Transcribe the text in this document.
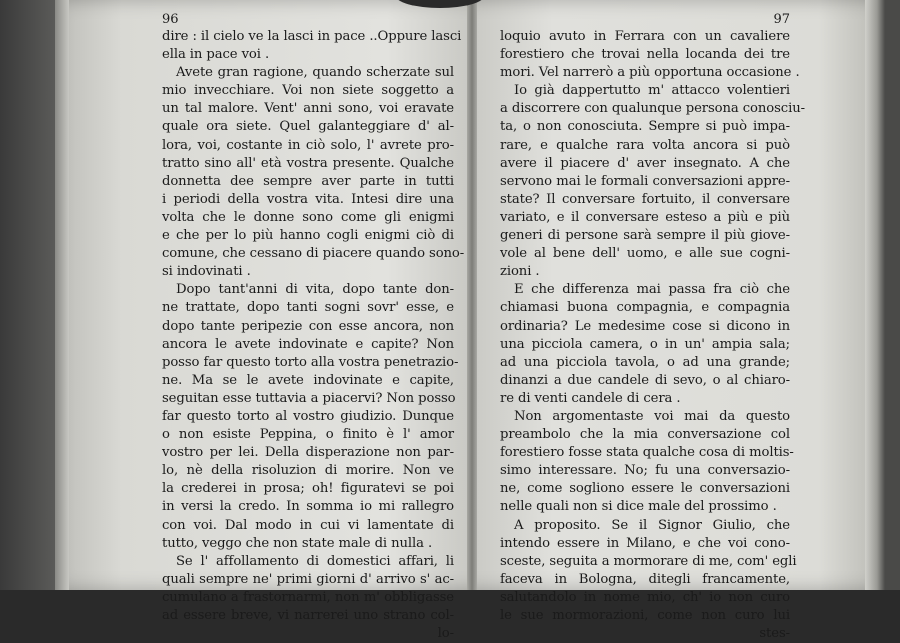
96
dire : il cielo ve la lasci in pace ..Oppure lasci
ella in pace voi .
Avete gran ragione, quando scherzate sul
mio invecchiare. Voi non siete soggetto a
un tal malore. Vent' anni sono, voi eravate
quale ora siete. Quel galanteggiare d' al-
lora, voi, costante in ciò solo, l' avrete pro-
tratto sino all' età vostra presente. Qualche
donnetta dee sempre aver parte in tutti
i periodi della vostra vita. Intesi dire una
volta che le donne sono come gli enigmi
e che per lo più hanno cogli enigmi ciò di
comune, che cessano di piacere quando sono-
si indovinati .
Dopo tant'anni di vita, dopo tante don-
ne trattate, dopo tanti sogni sovr' esse, e
dopo tante peripezie con esse ancora, non
ancora le avete indovinate e capite? Non
posso far questo torto alla vostra penetrazio-
ne. Ma se le avete indovinate e capite,
seguitan esse tuttavia a piacervi? Non posso
far questo torto al vostro giudizio. Dunque
o non esiste Peppina, o finito è l' amor
vostro per lei. Della disperazione non par-
lo, nè della risoluzion di morire. Non ve
la crederei in prosa; oh! figuratevi se poi
in versi la credo. In somma io mi rallegro
con voi. Dal modo in cui vi lamentate di
tutto, veggo che non state male di nulla .
Se l' affollamento di domestici affari, li
quali sempre ne' primi giorni d' arrivo s' ac-
cumulano a frastornarmi, non m' obbligasse
ad essere breve, vi narrerei uno strano col-
lo-
97
loquio avuto in Ferrara con un cavaliere
forestiero che trovai nella locanda dei tre
mori. Vel narrerò a più opportuna occasione .
Io già dappertutto m' attacco volentieri
a discorrere con qualunque persona conosciu-
ta, o non conosciuta. Sempre si può impa-
rare, e qualche rara volta ancora si può
avere il piacere d' aver insegnato. A che
servono mai le formali conversazioni appre-
state? Il conversare fortuito, il conversare
variato, e il conversare esteso a più e più
generi di persone sarà sempre il più giove-
vole al bene dell' uomo, e alle sue cogni-
zioni .
E che differenza mai passa fra ciò che
chiamasi buona compagnia, e compagnia
ordinaria? Le medesime cose si dicono in
una picciola camera, o in un' ampia sala;
ad una picciola tavola, o ad una grande;
dinanzi a due candele di sevo, o al chiaro-
re di venti candele di cera .
Non argomentaste voi mai da questo
preambolo che la mia conversazione col
forestiero fosse stata qualche cosa di moltis-
simo interessare. No; fu una conversazio-
ne, come sogliono essere le conversazioni
nelle quali non si dice male del prossimo .
A proposito. Se il Signor Giulio, che
intendo essere in Milano, e che voi cono-
sceste, seguita a mormorare di me, com' egli
faceva in Bologna, ditegli francamente,
salutandolo in nome mio, ch' io non curo
le sue mormorazioni, come non curo lui
stes-
